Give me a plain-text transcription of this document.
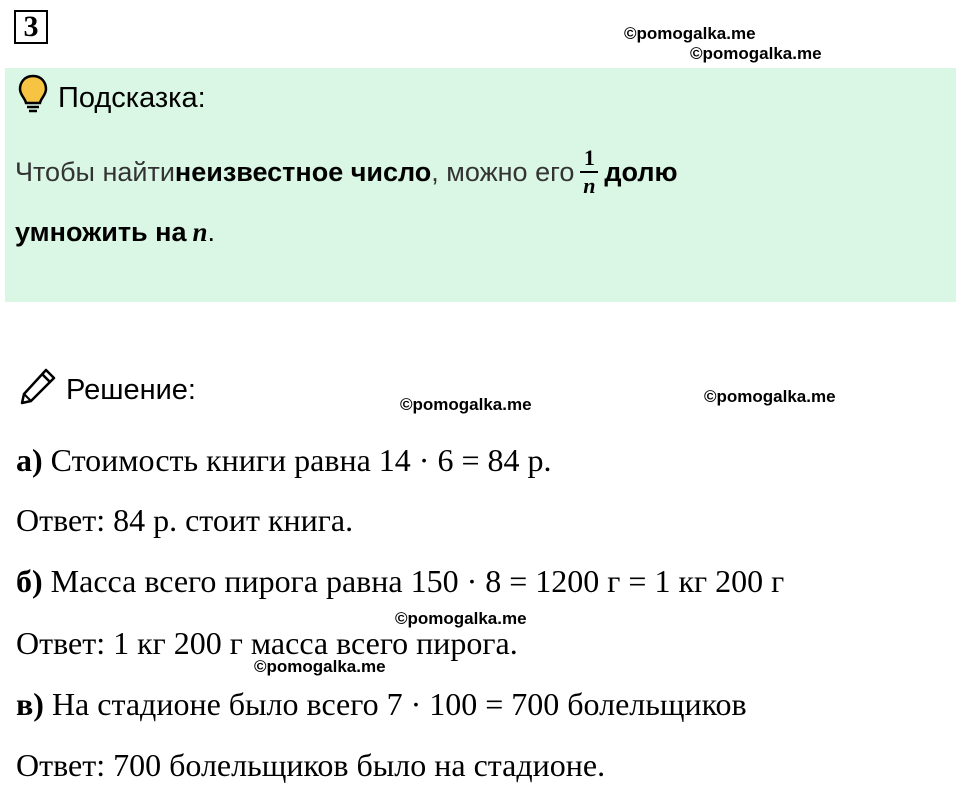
3	©pomogalka.me
©pomogalka.me
Подсказка:
Чтобы найти неизвестное число , можно его $\frac{1}{n}$ долю
умножить на n .
Решение:	©pomogalka.me	©pomogalka.me
а) Стоимость книги равна 14 · 6 = 84 р.
Ответ: 84 р. стоит книга.
б) Масса всего пирога равна 150 · 8 = 1200 г = 1 кг 200 г
Ответ: 1 кг 200 г масса всего пирога.
в) На стадионе было всего 7 · 100 = 700 болельщиков
Ответ: 700 болельщиков было на стадионе.
©pomogalka.me
©pomogalka.me
